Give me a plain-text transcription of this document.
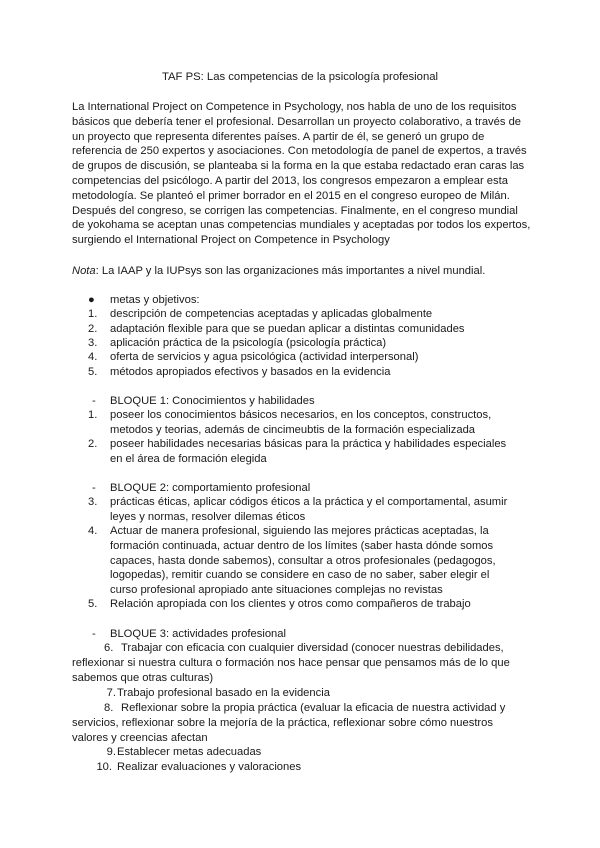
TAF PS: Las competencias de la psicología profesional

La International Project on Competence in Psychology, nos habla de uno de los requisitos básicos que debería tener el profesional. Desarrollan un proyecto colaborativo, a través de un proyecto que representa diferentes países. A partir de él, se generó un grupo de referencia de 250 expertos y asociaciones. Con metodología de panel de expertos, a través de grupos de discusión, se planteaba si la forma en la que estaba redactado eran caras las competencias del psicólogo. A partir del 2013, los congresos empezaron a emplear esta metodología. Se planteó el primer borrador en el 2015 en el congreso europeo de Milán. Después del congreso, se corrigen las competencias. Finalmente, en el congreso mundial de yokohama se aceptan unas competencias mundiales y aceptadas por todos los expertos, surgiendo el International Project on Competence in Psychology

Nota: La IAAP y la IUPsys son las organizaciones más importantes a nivel mundial.
● metas y objetivos:
1. descripción de competencias aceptadas y aplicadas globalmente
2. adaptación flexible para que se puedan aplicar a distintas comunidades
3. aplicación práctica de la psicología (psicología práctica)
4. oferta de servicios y agua psicológica (actividad interpersonal)
5. métodos apropiados efectivos y basados en la evidencia
- BLOQUE 1: Conocimientos y habilidades
1. poseer los conocimientos básicos necesarios, en los conceptos, constructos, metodos y teorias, además de cincimeubtis de la formación especializada
2. poseer habilidades necesarias básicas para la práctica y habilidades especiales en el área de formación elegida
- BLOQUE 2: comportamiento profesional
3. prácticas éticas, aplicar códigos éticos a la práctica y el comportamental, asumir leyes y normas, resolver dilemas éticos
4. Actuar de manera profesional, siguiendo las mejores prácticas aceptadas, la formación continuada, actuar dentro de los límites (saber hasta dónde somos capaces, hasta donde sabemos), consultar a otros profesionales (pedagogos, logopedas), remitir cuando se considere en caso de no saber, saber elegir el curso profesional apropiado ante situaciones complejas no revistas
5. Relación apropiada con los clientes y otros como compañeros de trabajo
- BLOQUE 3: actividades profesional
6. Trabajar con eficacia con cualquier diversidad (conocer nuestras debilidades, reflexionar si nuestra cultura o formación nos hace pensar que pensamos más de lo que sabemos que otras culturas)
7. Trabajo profesional basado en la evidencia
8. Reflexionar sobre la propia práctica (evaluar la eficacia de nuestra actividad y servicios, reflexionar sobre la mejoría de la práctica, reflexionar sobre cómo nuestros valores y creencias afectan
9. Establecer metas adecuadas
10. Realizar evaluaciones y valoraciones
